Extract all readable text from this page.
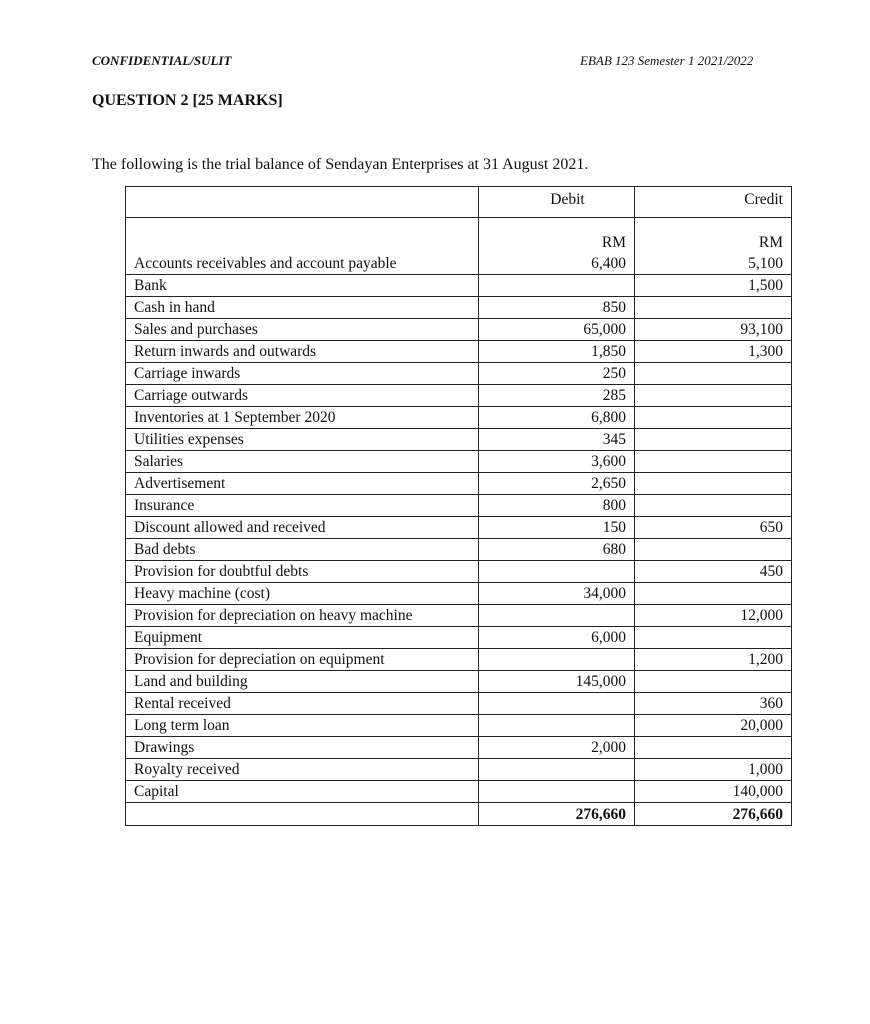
CONFIDENTIAL/SULIT	EBAB 123 Semester 1 2021/2022
QUESTION 2 [25 MARKS]
The following is the trial balance of Sendayan Enterprises at 31 August 2021.
	Debit	Credit
	RM	RM
Accounts receivables and account payable	6,400	5,100
Bank		1,500
Cash in hand	850	
Sales and purchases	65,000	93,100
Return inwards and outwards	1,850	1,300
Carriage inwards	250	
Carriage outwards	285	
Inventories at 1 September 2020	6,800	
Utilities expenses	345	
Salaries	3,600	
Advertisement	2,650	
Insurance	800	
Discount allowed and received	150	650
Bad debts	680	
Provision for doubtful debts		450
Heavy machine (cost)	34,000	
Provision for depreciation on heavy machine		12,000
Equipment	6,000	
Provision for depreciation on equipment		1,200
Land and building	145,000	
Rental received		360
Long term loan		20,000
Drawings	2,000	
Royalty received		1,000
Capital		140,000
	276,660	276,660
